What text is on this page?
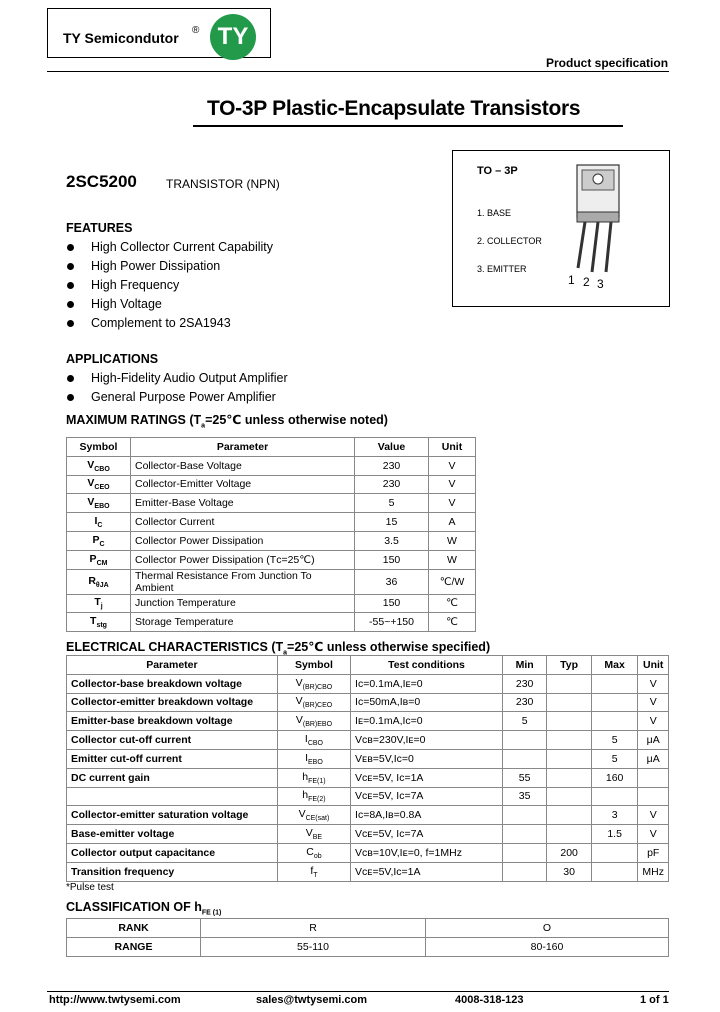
TY Semicondutor ® TY
Product specification
TO-3P Plastic-Encapsulate Transistors
TO – 3P
1. BASE
2. COLLECTOR
3. EMITTER
1 2 3
2SC5200 TRANSISTOR (NPN)
FEATURES
High Collector Current Capability
High Power Dissipation
High Frequency
High Voltage
Complement to 2SA1943
APPLICATIONS
High-Fidelity Audio Output Amplifier
General Purpose Power Amplifier
MAXIMUM RATINGS ($T_a=25℃$ unless otherwise noted)
Symbol	Parameter	Value	Unit
$V_{CBO}$	Collector-Base Voltage	230	V
$V_{CEO}$	Collector-Emitter Voltage	230	V
$V_{EBO}$	Emitter-Base Voltage	5	V
$I_C$	Collector Current	15	A
$P_C$	Collector Power Dissipation	3.5	W
$P_{CM}$	Collector Power Dissipation (Tᴄ=25℃)	150	W
$R_{\theta JA}$	Thermal Resistance From Junction To Ambient	36	℃/W
$T_j$	Junction Temperature	150	℃
$T_{stg}$	Storage Temperature	-55~+150	℃
ELECTRICAL CHARACTERISTICS ($T_a=25℃$ unless otherwise specified)
Parameter	Symbol	Test conditions	Min	Typ	Max	Unit
Collector-base breakdown voltage	$V_{(BR)CBO}$	Iᴄ=0.1mA,Iᴇ=0	230			V
Collector-emitter breakdown voltage	$V_{(BR)CEO}$	Iᴄ=50mA,Iʙ=0	230			V
Emitter-base breakdown voltage	$V_{(BR)EBO}$	Iᴇ=0.1mA,Iᴄ=0	5			V
Collector cut-off current	$I_{CBO}$	Vᴄʙ=230V,Iᴇ=0			5	μA
Emitter cut-off current	$I_{EBO}$	Vᴇʙ=5V,Iᴄ=0			5	μA
DC current gain	$h_{FE(1)}$	Vᴄᴇ=5V, Iᴄ=1A	55		160	
	$h_{FE(2)}$	Vᴄᴇ=5V, Iᴄ=7A	35			
Collector-emitter saturation voltage	$V_{CE(sat)}$	Iᴄ=8A,Iʙ=0.8A			3	V
Base-emitter voltage	$V_{BE}$	Vᴄᴇ=5V, Iᴄ=7A			1.5	V
Collector output capacitance	$C_{ob}$	Vᴄʙ=10V,Iᴇ=0, f=1MHz		200		pF
Transition frequency	$f_T$	Vᴄᴇ=5V,Iᴄ=1A		30		MHz
*Pulse test
CLASSIFICATION OF $h_{FE (1)}$
RANK	R	O
RANGE	55-110	80-160
http://www.twtysemi.com	sales@twtysemi.com	4008-318-123	1 of 1
